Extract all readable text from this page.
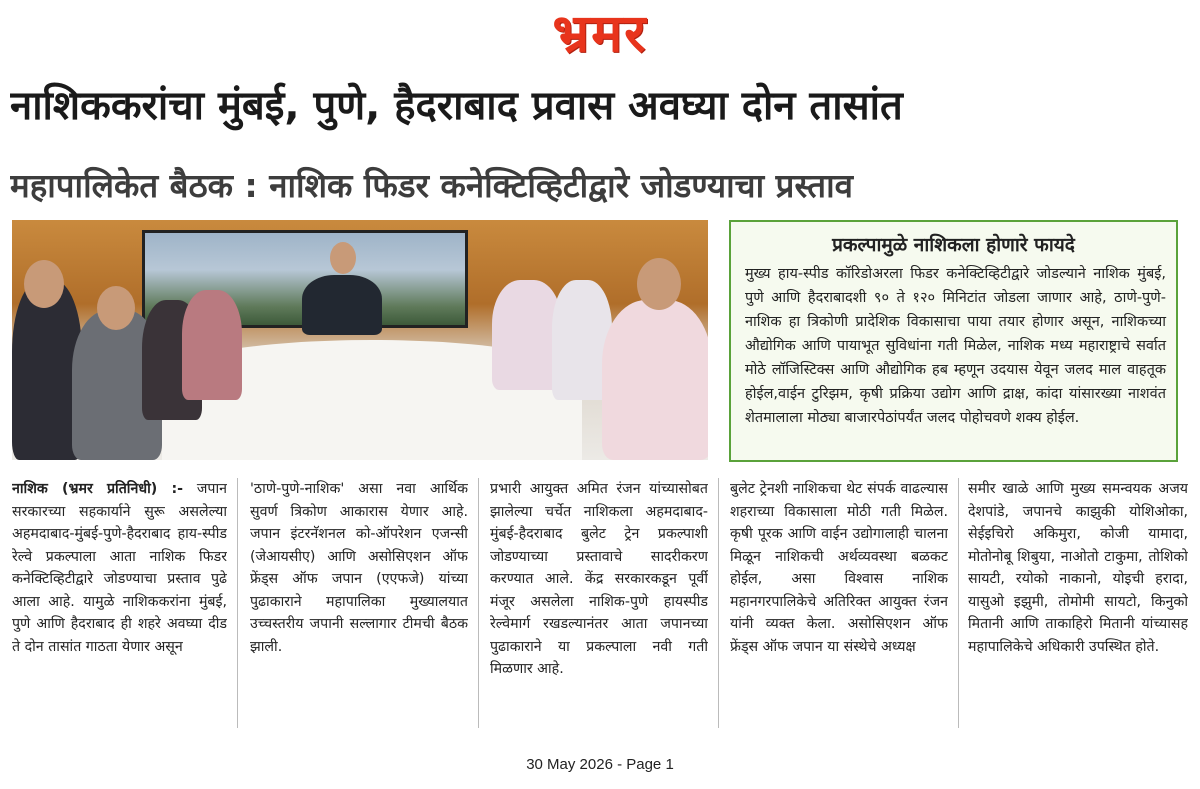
भ्रमर
नाशिककरांचा मुंबई, पुणे, हैदराबाद प्रवास अवघ्या दोन तासांत
महापालिकेत बैठक : नाशिक फिडर कनेक्टिव्हिटीद्वारे जोडण्याचा प्रस्ताव
प्रकल्पामुळे नाशिकला होणारे फायदे
मुख्य हाय-स्पीड कॉरिडोअरला फिडर कनेक्टिव्हिटीद्वारे जोडल्याने नाशिक मुंबई, पुणे आणि हैदराबादशी ९० ते १२० मिनिटांत जोडला जाणार आहे, ठाणे-पुणे-नाशिक हा त्रिकोणी प्रादेशिक विकासाचा पाया तयार होणार असून, नाशिकच्या औद्योगिक आणि पायाभूत सुविधांना गती मिळेल, नाशिक मध्य महाराष्ट्राचे सर्वात मोठे लॉजिस्टिक्स आणि औद्योगिक हब म्हणून उदयास येवून जलद माल वाहतूक होईल,वाईन टुरिझम, कृषी प्रक्रिया उद्योग आणि द्राक्ष, कांदा यांसारख्या नाशवंत शेतमालाला मोठ्या बाजारपेठांपर्यंत जलद पोहोचवणे शक्य होईल.
नाशिक (भ्रमर प्रतिनिधी) :- जपान सरकारच्या सहकार्याने सुरू असलेल्या अहमदाबाद-मुंबई-पुणे-हैदराबाद हाय-स्पीड रेल्वे प्रकल्पाला आता नाशिक फिडर कनेक्टिव्हिटीद्वारे जोडण्याचा प्रस्ताव पुढे आला आहे. यामुळे नाशिककरांना मुंबई, पुणे आणि हैदराबाद ही शहरे अवघ्या दीड ते दोन तासांत गाठता येणार असून
'ठाणे-पुणे-नाशिक' असा नवा आर्थिक सुवर्ण त्रिकोण आकारास येणार आहे. जपान इंटरनॅशनल को-ऑपरेशन एजन्सी (जेआयसीए) आणि असोसिएशन ऑफ फ्रेंड्स ऑफ जपान (एएफजे) यांच्या पुढाकाराने महापालिका मुख्यालयात उच्चस्तरीय जपानी सल्लागार टीमची बैठक झाली.
प्रभारी आयुक्त अमित रंजन यांच्यासोबत झालेल्या चर्चेत नाशिकला अहमदाबाद-मुंबई-हैदराबाद बुलेट ट्रेन प्रकल्पाशी जोडण्याच्या प्रस्तावाचे सादरीकरण करण्यात आले. केंद्र सरकारकडून पूर्वी मंजूर असलेला नाशिक-पुणे हायस्पीड रेल्वेमार्ग रखडल्यानंतर आता जपानच्या पुढाकाराने या प्रकल्पाला नवी गती मिळणार आहे.
बुलेट ट्रेनशी नाशिकचा थेट संपर्क वाढल्यास शहराच्या विकासाला मोठी गती मिळेल. कृषी पूरक आणि वाईन उद्योगालाही चालना मिळून नाशिकची अर्थव्यवस्था बळकट होईल, असा विश्वास नाशिक महानगरपालिकेचे अतिरिक्त आयुक्त रंजन यांनी व्यक्त केला. असोसिएशन ऑफ फ्रेंड्स ऑफ जपान या संस्थेचे अध्यक्ष
समीर खाळे आणि मुख्य समन्वयक अजय देशपांडे, जपानचे काझुकी योशिओका, सेईइचिरो अकिमुरा, कोजी यामादा, मोतोनोबू शिबुया, नाओतो टाकुमा, तोशिको सायटी, रयोको नाकानो, योइची हरादा, यासुओ इझुमी, तोमोमी सायटो, किनुको मितानी आणि ताकाहिरो मितानी यांच्यासह महापालिकेचे अधिकारी उपस्थित होते.
30 May 2026 - Page 1
